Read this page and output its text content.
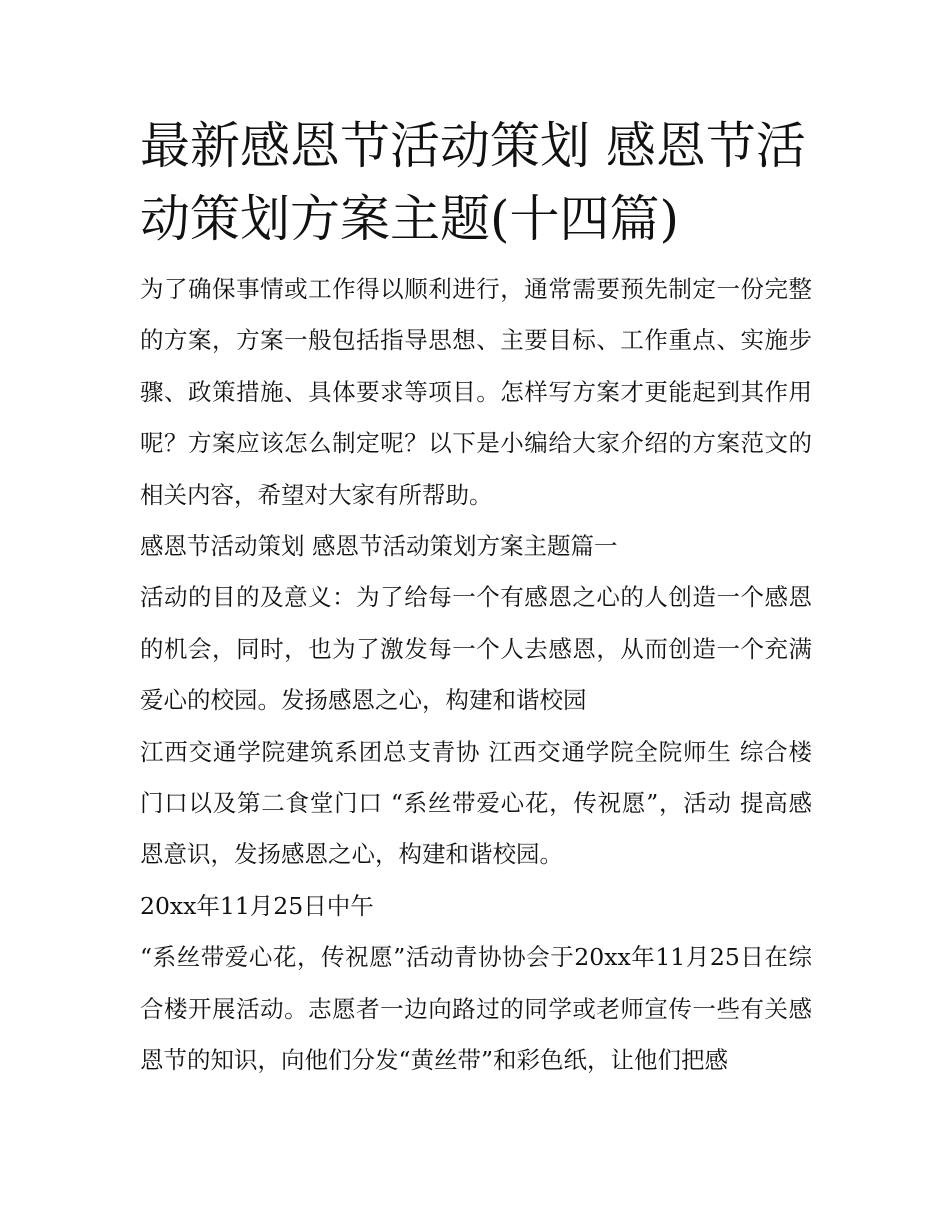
最新感恩节活动策划 感恩节活动策划方案主题(十四篇)

为了确保事情或工作得以顺利进行，通常需要预先制定一份完整的方案，方案一般包括指导思想、主要目标、工作重点、实施步骤、政策措施、具体要求等项目。怎样写方案才更能起到其作用呢？方案应该怎么制定呢？以下是小编给大家介绍的方案范文的相关内容，希望对大家有所帮助。

感恩节活动策划 感恩节活动策划方案主题篇一

活动的目的及意义：为了给每一个有感恩之心的人创造一个感恩的机会，同时，也为了激发每一个人去感恩，从而创造一个充满爱心的校园。发扬感恩之心，构建和谐校园

江西交通学院建筑系团总支青协 江西交通学院全院师生 综合楼门口以及第二食堂门口 “系丝带爱心花，传祝愿”，活动 提高感恩意识，发扬感恩之心，构建和谐校园。

20xx年11月25日中午

“系丝带爱心花，传祝愿”活动青协协会于20xx年11月25日在综合楼开展活动。志愿者一边向路过的同学或老师宣传一些有关感恩节的知识，向他们分发“黄丝带”和彩色纸，让他们把感
